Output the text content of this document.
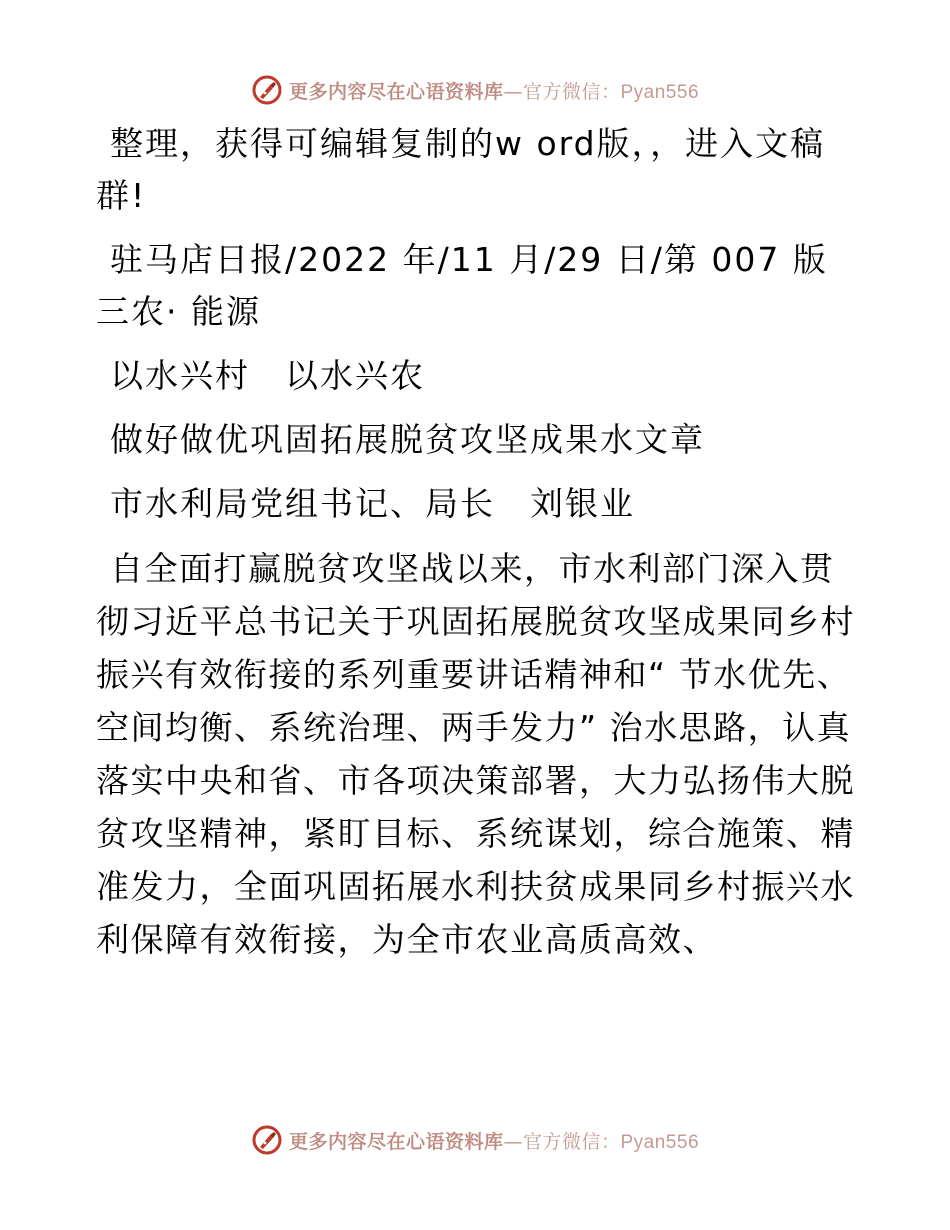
更多内容尽在心语资料库—官方微信：Pyan556

整理，获得可编辑复制的w ord版，，进入文稿群!

驻马店日报/2022 年/11 月/29 日/第 007 版三农· 能源

以水兴村　以水兴农

做好做优巩固拓展脱贫攻坚成果水文章

市水利局党组书记、局长　刘银业

自全面打赢脱贫攻坚战以来，市水利部门深入贯彻习近平总书记关于巩固拓展脱贫攻坚成果同乡村振兴有效衔接的系列重要讲话精神和“ 节水优先、空间均衡、系统治理、两手发力” 治水思路，认真落实中央和省、市各项决策部署，大力弘扬伟大脱贫攻坚精神，紧盯目标、系统谋划，综合施策、精准发力，全面巩固拓展水利扶贫成果同乡村振兴水利保障有效衔接，为全市农业高质高效、

更多内容尽在心语资料库—官方微信：Pyan556
